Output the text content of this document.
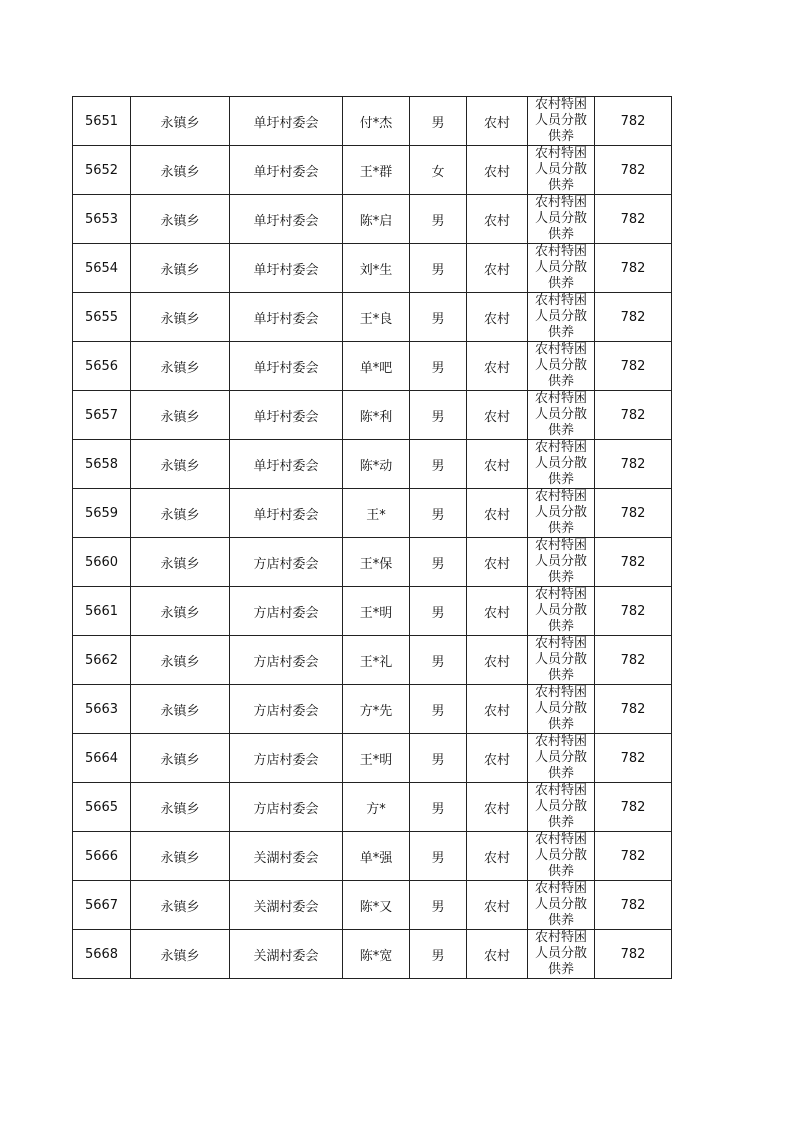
5651	永镇乡	单圩村委会	付*杰	男	农村	农村特困人员分散供养	782
5652	永镇乡	单圩村委会	王*群	女	农村	农村特困人员分散供养	782
5653	永镇乡	单圩村委会	陈*启	男	农村	农村特困人员分散供养	782
5654	永镇乡	单圩村委会	刘*生	男	农村	农村特困人员分散供养	782
5655	永镇乡	单圩村委会	王*良	男	农村	农村特困人员分散供养	782
5656	永镇乡	单圩村委会	单*吧	男	农村	农村特困人员分散供养	782
5657	永镇乡	单圩村委会	陈*利	男	农村	农村特困人员分散供养	782
5658	永镇乡	单圩村委会	陈*动	男	农村	农村特困人员分散供养	782
5659	永镇乡	单圩村委会	王*	男	农村	农村特困人员分散供养	782
5660	永镇乡	方店村委会	王*保	男	农村	农村特困人员分散供养	782
5661	永镇乡	方店村委会	王*明	男	农村	农村特困人员分散供养	782
5662	永镇乡	方店村委会	王*礼	男	农村	农村特困人员分散供养	782
5663	永镇乡	方店村委会	方*先	男	农村	农村特困人员分散供养	782
5664	永镇乡	方店村委会	王*明	男	农村	农村特困人员分散供养	782
5665	永镇乡	方店村委会	方*	男	农村	农村特困人员分散供养	782
5666	永镇乡	关湖村委会	单*强	男	农村	农村特困人员分散供养	782
5667	永镇乡	关湖村委会	陈*又	男	农村	农村特困人员分散供养	782
5668	永镇乡	关湖村委会	陈*宽	男	农村	农村特困人员分散供养	782
